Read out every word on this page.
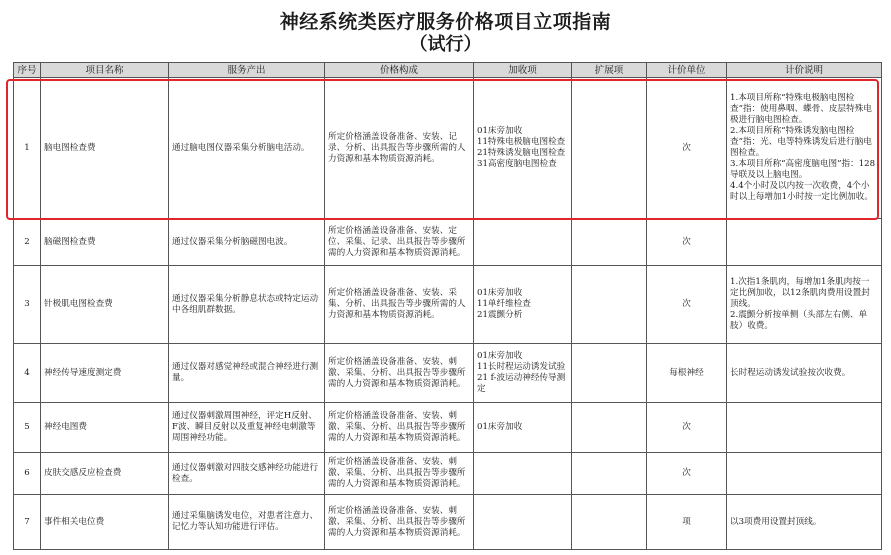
神经系统类医疗服务价格项目立项指南
（试行）
序号	项目名称	服务产出	价格构成	加收项	扩展项	计价单位	计价说明
1	脑电图检查费	通过脑电图仪器采集分析脑电活动。	所定价格涵盖设备准备、安装、记录、分析、出具报告等步骤所需的人力资源和基本物质资源消耗。	01床旁加收
11特殊电极脑电图检查
21特殊诱发脑电图检查
31高密度脑电图检查		次	1.本项目所称“特殊电极脑电图检查”指：使用鼻咽、蝶骨、皮层特殊电极进行脑电图检查。
2.本项目所称“特殊诱发脑电图检查”指：光、电等特殊诱发后进行脑电图检查。
3.本项目所称“高密度脑电图”指：128导联及以上脑电图。
4.4个小时及以内按一次收费，4个小时以上每增加1小时按一定比例加收。
2	脑磁图检查费	通过仪器采集分析脑磁图电波。	所定价格涵盖设备准备、安装、定位、采集、记录、出具报告等步骤所需的人力资源和基本物质资源消耗。			次	
3	针极肌电图检查费	通过仪器采集分析静息状态或特定运动中各组肌群数据。	所定价格涵盖设备准备、安装、采集、分析、出具报告等步骤所需的人力资源和基本物质资源消耗。	01床旁加收
11单纤维检查
21震颤分析		次	1.次指1条肌肉，每增加1条肌肉按一定比例加收，以12条肌肉费用设置封顶线。
2.震颤分析按单侧（头部左右侧、单肢）收费。
4	神经传导速度测定费	通过仪器对感觉神经或混合神经进行测量。	所定价格涵盖设备准备、安装、刺激、采集、分析、出具报告等步骤所需的人力资源和基本物质资源消耗。	01床旁加收
11长时程运动诱发试验
21 f-波运动神经传导测定		每根神经	长时程运动诱发试验按次收费。
5	神经电图费	通过仪器刺激周围神经，评定H反射、F波、瞬目反射以及重复神经电刺激等周围神经功能。	所定价格涵盖设备准备、安装、刺激、采集、分析、出具报告等步骤所需的人力资源和基本物质资源消耗。	01床旁加收		次	
6	皮肤交感反应检查费	通过仪器刺激对四肢交感神经功能进行检查。	所定价格涵盖设备准备、安装、刺激、采集、分析、出具报告等步骤所需的人力资源和基本物质资源消耗。			次	
7	事件相关电位费	通过采集脑诱发电位，对患者注意力、记忆力等认知功能进行评估。	所定价格涵盖设备准备、安装、刺激、采集、分析、出具报告等步骤所需的人力资源和基本物质资源消耗。			项	以3项费用设置封顶线。
